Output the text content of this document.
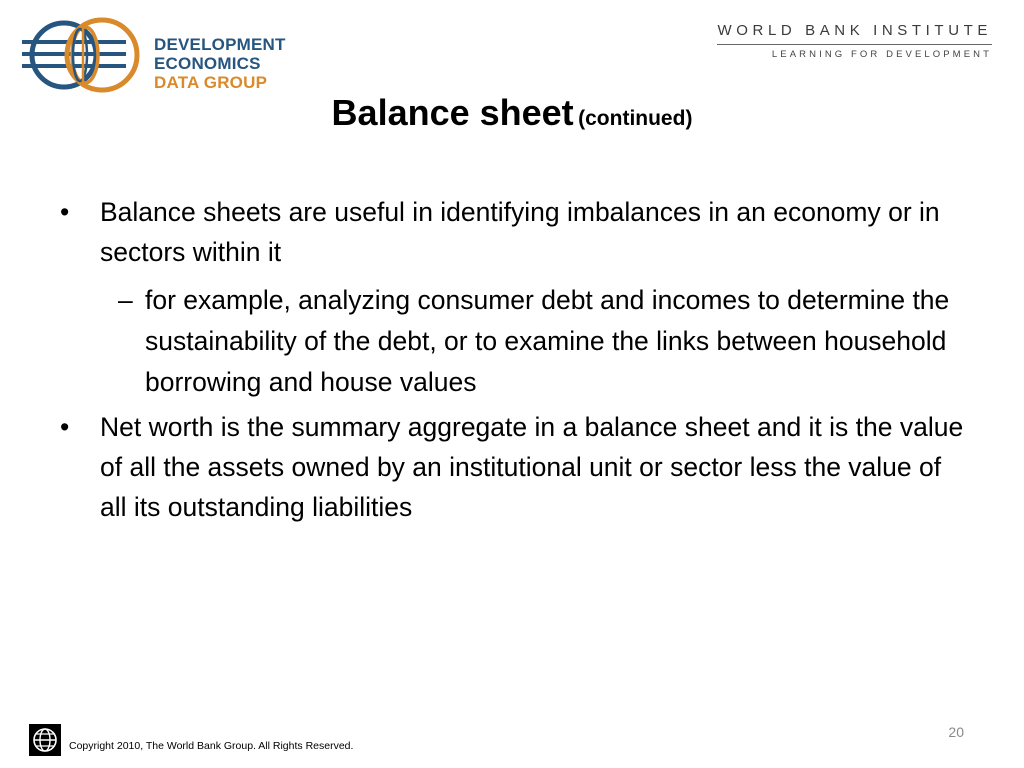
DEVELOPMENT ECONOMICS
DATA GROUP
WORLD BANK INSTITUTE
LEARNING FOR DEVELOPMENT
Balance sheet (continued)
• Balance sheets are useful in identifying imbalances in an economy or in sectors within it
– for example, analyzing consumer debt and incomes to determine the sustainability of the debt, or to examine the links between household borrowing and house values
• Net worth is the summary aggregate in a balance sheet and it is the value of all the assets owned by an institutional unit or sector less the value of all its outstanding liabilities
20
Copyright 2010, The World Bank Group. All Rights Reserved.
